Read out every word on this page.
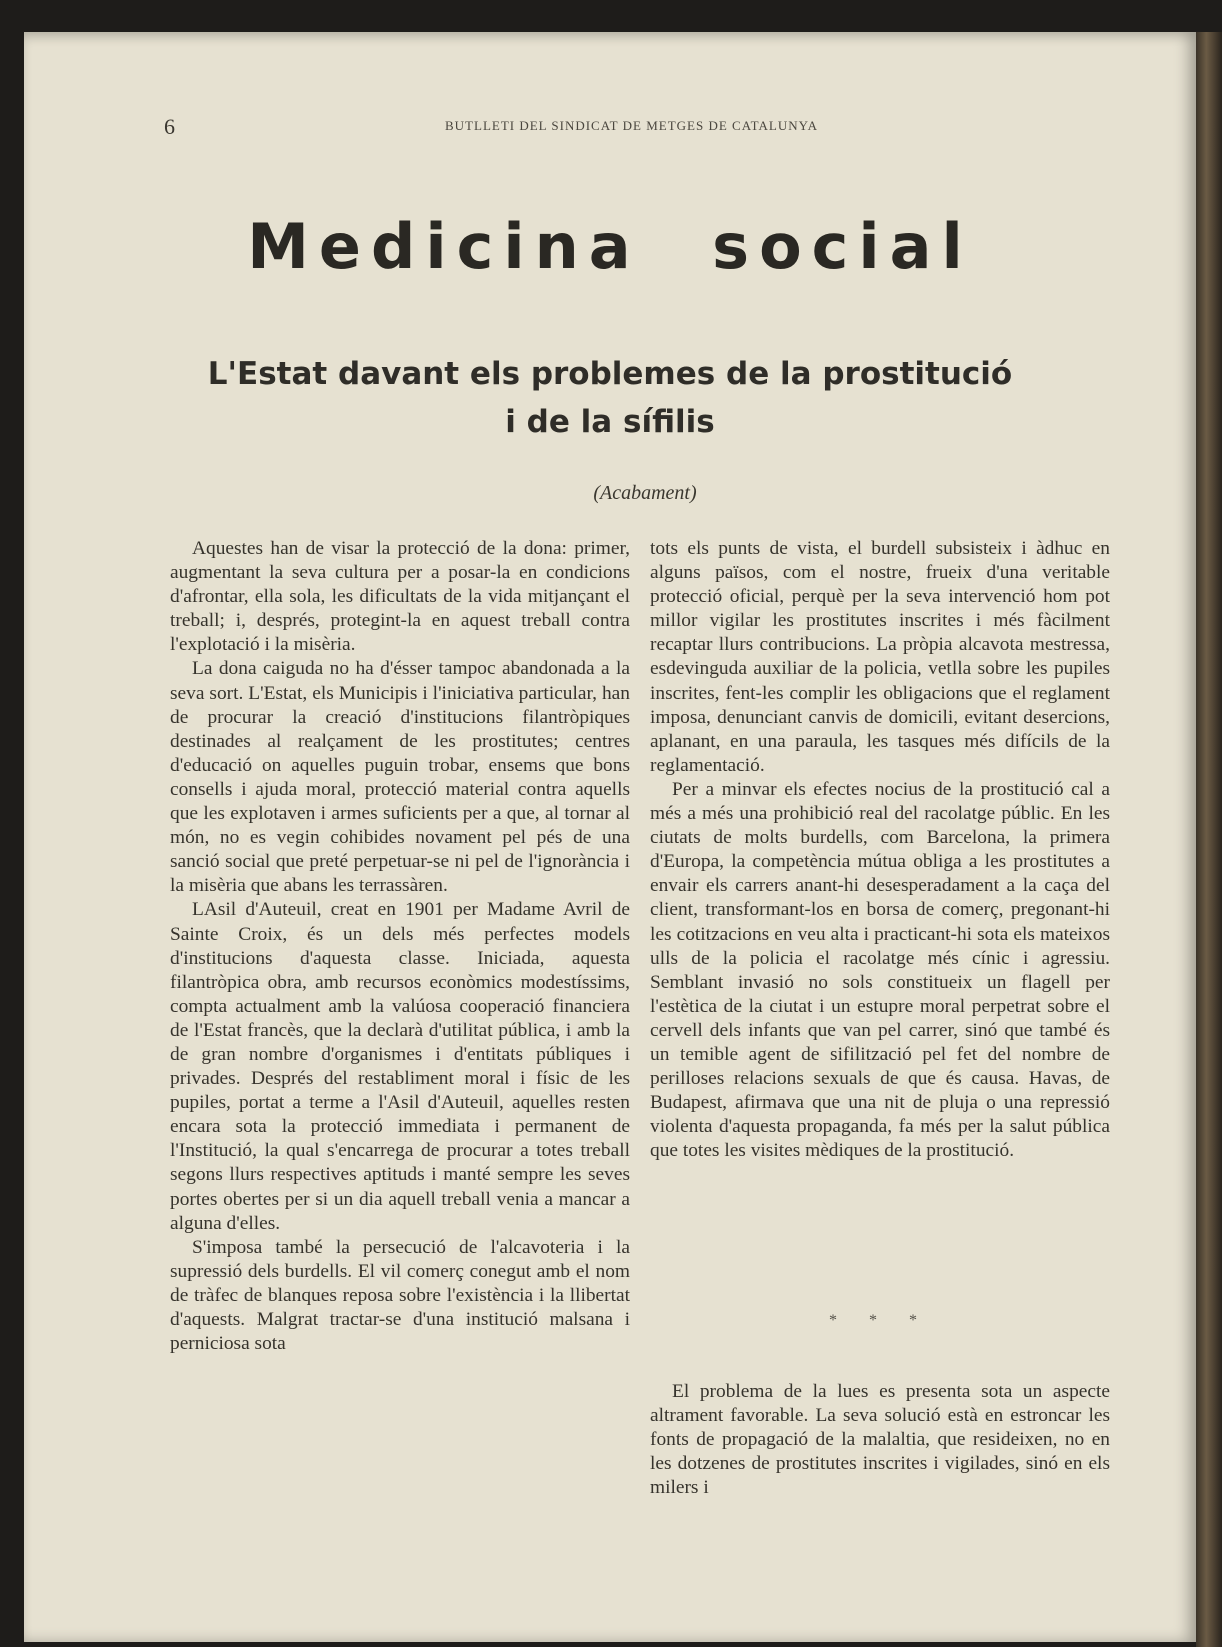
6	BUTLLETI DEL SINDICAT DE METGES DE CATALUNYA
Medicina social
L'Estat davant els problemes de la prostitució
i de la sífilis
(Acabament)

Aquestes han de visar la protecció de la dona: primer, augmentant la seva cultura per a posar-la en condicions d'afrontar, ella sola, les dificultats de la vida mitjançant el treball; i, després, protegint-la en aquest treball contra l'explotació i la misèria.

La dona caiguda no ha d'ésser tampoc abandonada a la seva sort. L'Estat, els Municipis i l'iniciativa particular, han de procurar la creació d'institucions filantròpiques destinades al realçament de les prostitutes; centres d'educació on aquelles puguin trobar, ensems que bons consells i ajuda moral, protecció material contra aquells que les explotaven i armes suficients per a que, al tornar al món, no es vegin cohibides novament pel pés de una sanció social que preté perpetuar-se ni pel de l'ignorància i la misèria que abans les terrassàren.

LAsil d'Auteuil, creat en 1901 per Madame Avril de Sainte Croix, és un dels més perfectes models d'institucions d'aquesta classe. Iniciada, aquesta filantròpica obra, amb recursos econòmics modestíssims, compta actualment amb la valúosa cooperació financiera de l'Estat francès, que la declarà d'utilitat pública, i amb la de gran nombre d'organismes i d'entitats públiques i privades. Després del restabliment moral i físic de les pupiles, portat a terme a l'Asil d'Auteuil, aquelles resten encara sota la protecció immediata i permanent de l'Institució, la qual s'encarrega de procurar a totes treball segons llurs respectives aptituds i manté sempre les seves portes obertes per si un dia aquell treball venia a mancar a alguna d'elles.

S'imposa també la persecució de l'alcavoteria i la supressió dels burdells. El vil comerç conegut amb el nom de tràfec de blanques reposa sobre l'existència i la llibertat d'aquests. Malgrat tractar-se d'una institució malsana i perniciosa sota

tots els punts de vista, el burdell subsisteix i àdhuc en alguns països, com el nostre, frueix d'una veritable protecció oficial, perquè per la seva intervenció hom pot millor vigilar les prostitutes inscrites i més fàcilment recaptar llurs contribucions. La pròpia alcavota mestressa, esdevinguda auxiliar de la policia, vetlla sobre les pupiles inscrites, fent-les complir les obligacions que el reglament imposa, denunciant canvis de domicili, evitant desercions, aplanant, en una paraula, les tasques més difícils de la reglamentació.

Per a minvar els efectes nocius de la prostitució cal a més a més una prohibició real del racolatge públic. En les ciutats de molts burdells, com Barcelona, la primera d'Europa, la competència mútua obliga a les prostitutes a envair els carrers anant-hi desesperadament a la caça del client, transformant-los en borsa de comerç, pregonant-hi les cotitzacions en veu alta i practicant-hi sota els mateixos ulls de la policia el racolatge més cínic i agressiu. Semblant invasió no sols constitueix un flagell per l'estètica de la ciutat i un estupre moral perpetrat sobre el cervell dels infants que van pel carrer, sinó que també és un temible agent de sifilització pel fet del nombre de perilloses relacions sexuals de que és causa. Havas, de Budapest, afirmava que una nit de pluja o una repressió violenta d'aquesta propaganda, fa més per la salut pública que totes les visites mèdiques de la prostitució.

* * *

El problema de la lues es presenta sota un aspecte altrament favorable. La seva solució està en estroncar les fonts de propagació de la malaltia, que resideixen, no en les dotzenes de prostitutes inscrites i vigilades, sinó en els milers i
